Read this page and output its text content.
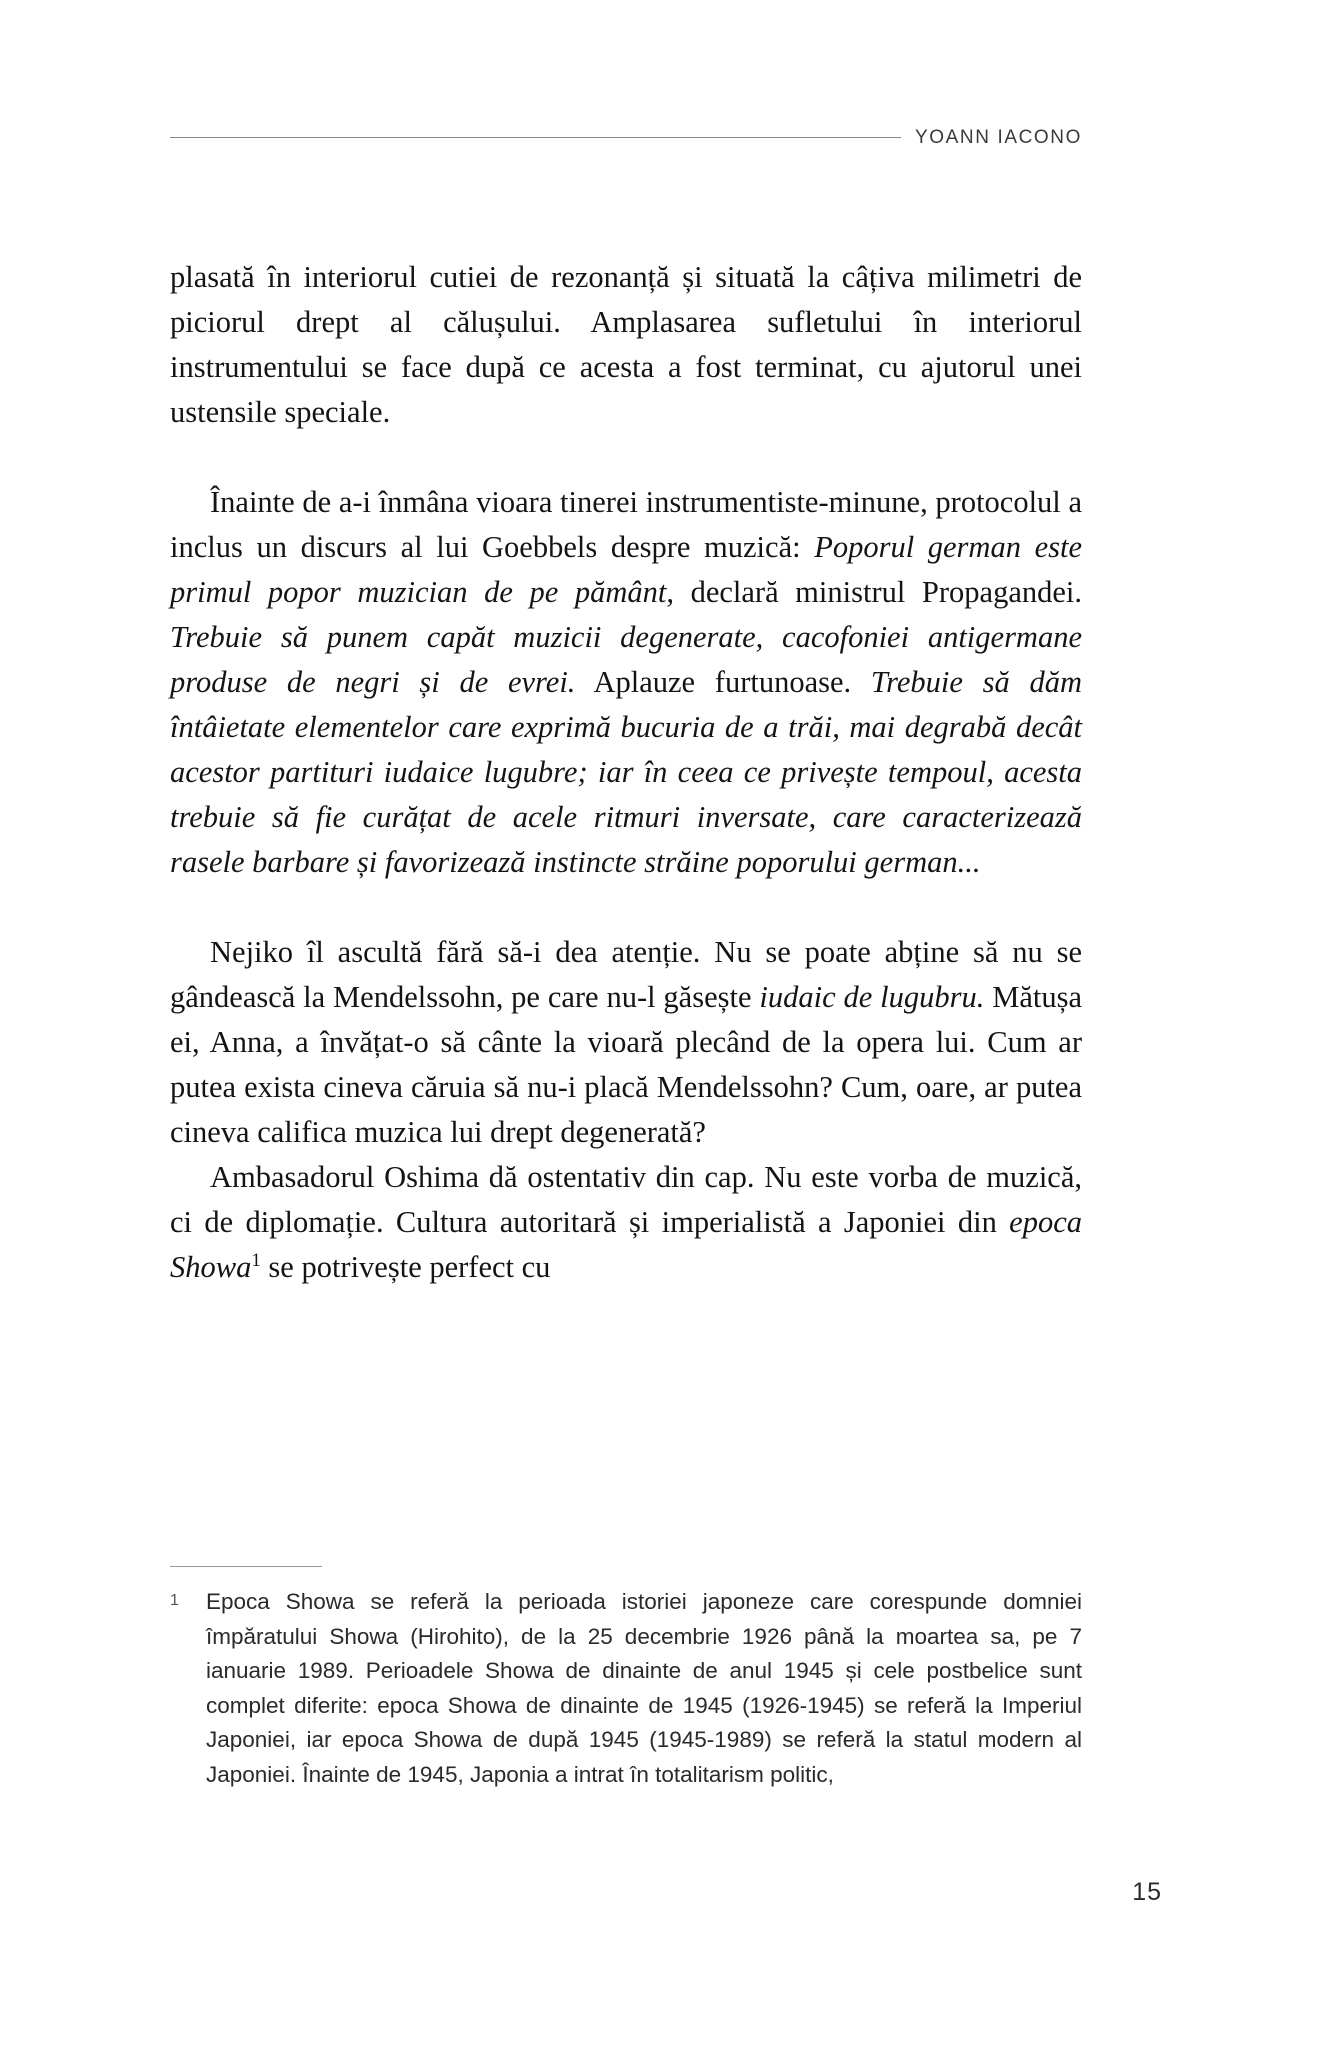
YOANN IACONO

plasată în interiorul cutiei de rezonanță și situată la câțiva milimetri de piciorul drept al călușului. Amplasarea sufletului în interiorul instrumentului se face după ce acesta a fost terminat, cu ajutorul unei ustensile speciale.

Înainte de a-i înmâna vioara tinerei instrumentiste-minune, protocolul a inclus un discurs al lui Goebbels despre muzică: Poporul german este primul popor muzician de pe pământ, declară ministrul Propagandei. Trebuie să punem capăt muzicii degenerate, cacofoniei antigermane produse de negri și de evrei. Aplauze furtunoase. Trebuie să dăm întâietate elementelor care exprimă bucuria de a trăi, mai degrabă decât acestor partituri iudaice lugubre; iar în ceea ce privește tempoul, acesta trebuie să fie curățat de acele ritmuri inversate, care caracterizează rasele barbare și favorizează instincte străine poporului german...

Nejiko îl ascultă fără să-i dea atenție. Nu se poate abține să nu se gândească la Mendelssohn, pe care nu-l găsește iudaic de lugubru. Mătușa ei, Anna, a învățat-o să cânte la vioară plecând de la opera lui. Cum ar putea exista cineva căruia să nu-i placă Mendelssohn? Cum, oare, ar putea cineva califica muzica lui drept degenerată?

Ambasadorul Oshima dă ostentativ din cap. Nu este vorba de muzică, ci de diplomație. Cultura autoritară și imperialistă a Japoniei din epoca Showa$^1$ se potrivește perfect cu

1 Epoca Showa se referă la perioada istoriei japoneze care corespunde domniei împăratului Showa (Hirohito), de la 25 decembrie 1926 până la moartea sa, pe 7 ianuarie 1989. Perioadele Showa de dinainte de anul 1945 și cele postbelice sunt complet diferite: epoca Showa de dinainte de 1945 (1926-1945) se referă la Imperiul Japoniei, iar epoca Showa de după 1945 (1945-1989) se referă la statul modern al Japoniei. Înainte de 1945, Japonia a intrat în totalitarism politic,
15
